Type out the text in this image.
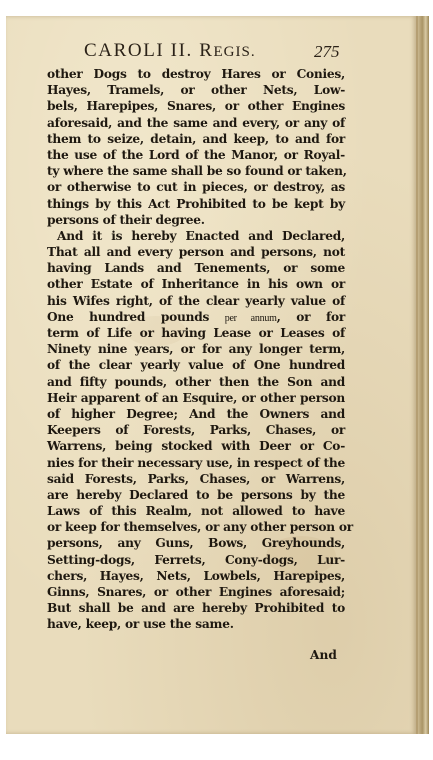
CAROLI II. REGIS.	275
other Dogs to destroy Hares or Conies,
Hayes, Tramels, or other Nets, Low-
bels, Harepipes, Snares, or other Engines
aforesaid, and the same and every, or any of
them to seize, detain, and keep, to and for
the use of the Lord of the Manor, or Royal-
ty where the same shall be so found or taken,
or otherwise to cut in pieces, or destroy, as
things by this Act Prohibited to be kept by
persons of their degree.
And it is hereby Enacted and Declared,
That all and every person and persons, not
having Lands and Tenements, or some
other Estate of Inheritance in his own or
his Wifes right, of the clear yearly value of
One hundred pounds per annum, or for
term of Life or having Lease or Leases of
Ninety nine years, or for any longer term,
of the clear yearly value of One hundred
and fifty pounds, other then the Son and
Heir apparent of an Esquire, or other person
of higher Degree; And the Owners and
Keepers of Forests, Parks, Chases, or
Warrens, being stocked with Deer or Co-
nies for their necessary use, in respect of the
said Forests, Parks, Chases, or Warrens,
are hereby Declared to be persons by the
Laws of this Realm, not allowed to have
or keep for themselves, or any other person or
persons, any Guns, Bows, Greyhounds,
Setting-dogs, Ferrets, Cony-dogs, Lur-
chers, Hayes, Nets, Lowbels, Harepipes,
Ginns, Snares, or other Engines aforesaid;
But shall be and are hereby Prohibited to
have, keep, or use the same.
And
